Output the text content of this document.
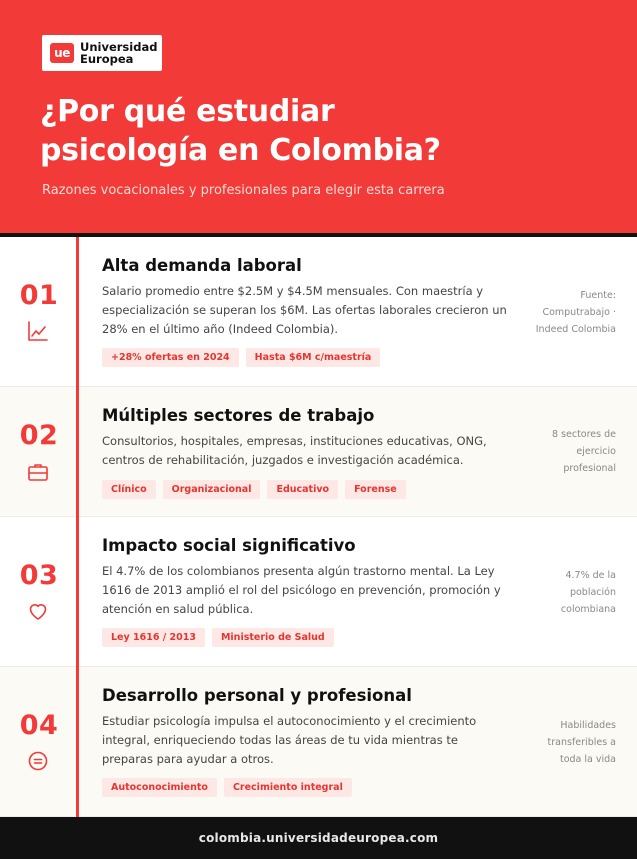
ue Universidad
Europea
¿Por qué estudiar
psicología en Colombia?
Razones vocacionales y profesionales para elegir esta carrera
01
Alta demanda laboral
Salario promedio entre $2.5M y $4.5M mensuales. Con maestría y especialización se superan los $6M. Las ofertas laborales crecieron un 28% en el último año (Indeed Colombia).
+28% ofertas en 2024	Hasta $6M c/maestría
Fuente: Computrabajo · Indeed Colombia
02
Múltiples sectores de trabajo
Consultorios, hospitales, empresas, instituciones educativas, ONG, centros de rehabilitación, juzgados e investigación académica.
Clínico	Organizacional	Educativo	Forense
8 sectores de ejercicio profesional
03
Impacto social significativo
El 4.7% de los colombianos presenta algún trastorno mental. La Ley 1616 de 2013 amplió el rol del psicólogo en prevención, promoción y atención en salud pública.
Ley 1616 / 2013	Ministerio de Salud
4.7% de la población colombiana
04
Desarrollo personal y profesional
Estudiar psicología impulsa el autoconocimiento y el crecimiento integral, enriqueciendo todas las áreas de tu vida mientras te preparas para ayudar a otros.
Autoconocimiento	Crecimiento integral
Habilidades transferibles a toda la vida
colombia.universidadeuropea.com
